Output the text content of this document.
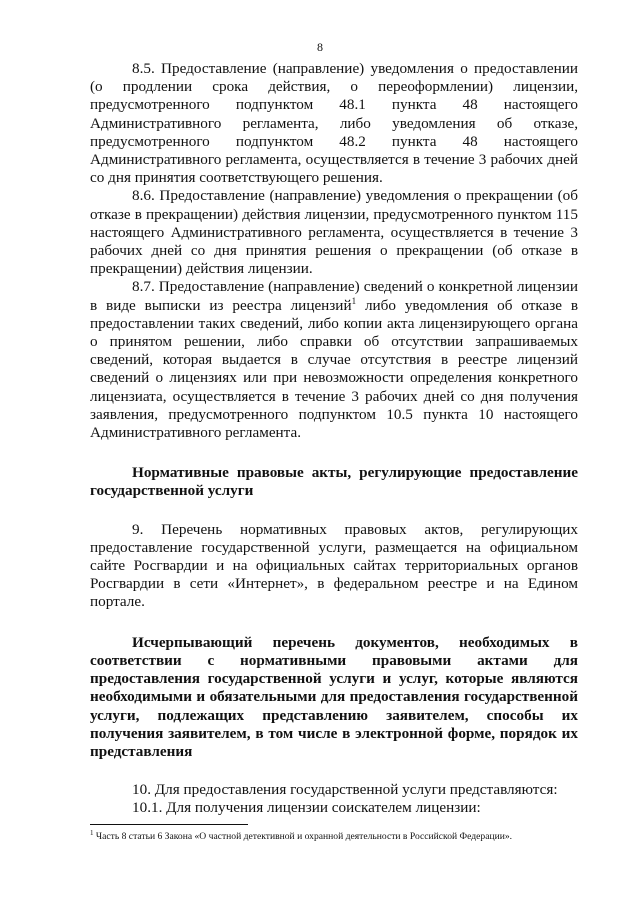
8

8.5. Предоставление (направление) уведомления о предоставлении (о продлении срока действия, о переоформлении) лицензии, предусмотренного подпунктом 48.1 пункта 48 настоящего Административного регламента, либо уведомления об отказе, предусмотренного подпунктом 48.2 пункта 48 настоящего Административного регламента, осуществляется в течение 3 рабочих дней со дня принятия соответствующего решения.

8.6. Предоставление (направление) уведомления о прекращении (об отказе в прекращении) действия лицензии, предусмотренного пунктом 115 настоящего Административного регламента, осуществляется в течение 3 рабочих дней со дня принятия решения о прекращении (об отказе в прекращении) действия лицензии.

8.7. Предоставление (направление) сведений о конкретной лицензии в виде выписки из реестра лицензий$^1$ либо уведомления об отказе в предоставлении таких сведений, либо копии акта лицензирующего органа о принятом решении, либо справки об отсутствии запрашиваемых сведений, которая выдается в случае отсутствия в реестре лицензий сведений о лицензиях или при невозможности определения конкретного лицензиата, осуществляется в течение 3 рабочих дней со дня получения заявления, предусмотренного подпунктом 10.5 пункта 10 настоящего Административного регламента.

Нормативные правовые акты, регулирующие предоставление государственной услуги

9. Перечень нормативных правовых актов, регулирующих предоставление государственной услуги, размещается на официальном сайте Росгвардии и на официальных сайтах территориальных органов Росгвардии в сети «Интернет», в федеральном реестре и на Едином портале.

Исчерпывающий перечень документов, необходимых в соответствии с нормативными правовыми актами для предоставления государственной услуги и услуг, которые являются необходимыми и обязательными для предоставления государственной услуги, подлежащих представлению заявителем, способы их получения заявителем, в том числе в электронной форме, порядок их представления

10. Для предоставления государственной услуги представляются:

10.1. Для получения лицензии соискателем лицензии:

$^1$ Часть 8 статьи 6 Закона «О частной детективной и охранной деятельности в Российской Федерации».
